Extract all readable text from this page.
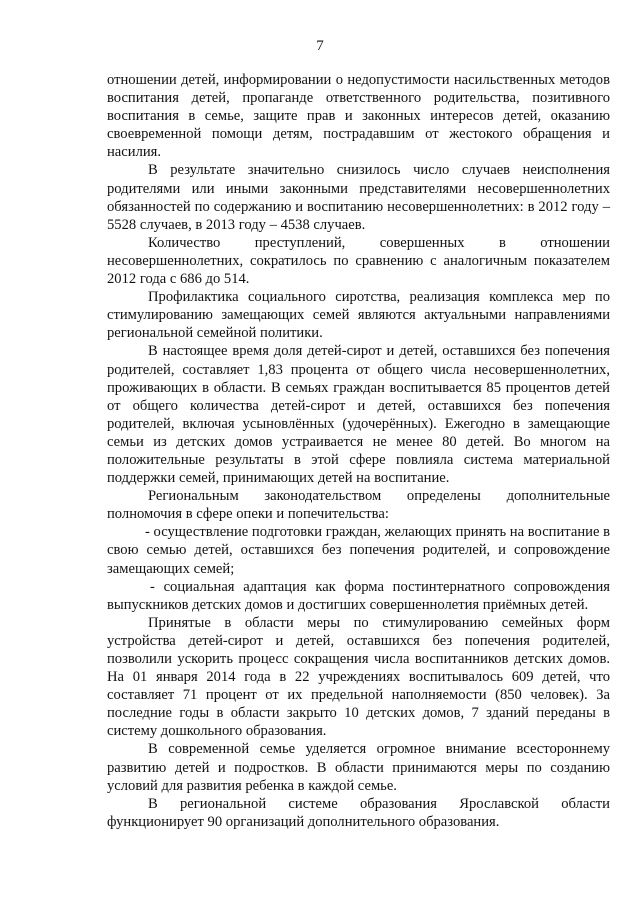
7

отношении детей, информировании о недопустимости насильственных методов воспитания детей, пропаганде ответственного родительства, позитивного воспитания в семье, защите прав и законных интересов детей, оказанию своевременной помощи детям, пострадавшим от жестокого обращения и насилия.

В результате значительно снизилось число случаев неисполнения родителями или иными законными представителями несовершеннолетних обязанностей по содержанию и воспитанию несовершеннолетних: в 2012 году – 5528 случаев, в 2013 году – 4538 случаев.

Количество преступлений, совершенных в отношении несовершеннолетних, сократилось по сравнению с аналогичным показателем 2012 года с 686 до 514.

Профилактика социального сиротства, реализация комплекса мер по стимулированию замещающих семей являются актуальными направлениями региональной семейной политики.

В настоящее время доля детей-сирот и детей, оставшихся без попечения родителей, составляет 1,83 процента от общего числа несовершеннолетних, проживающих в области. В семьях граждан воспитывается 85 процентов детей от общего количества детей-сирот и детей, оставшихся без попечения родителей, включая усыновлённых (удочерённых). Ежегодно в замещающие семьи из детских домов устраивается не менее 80 детей. Во многом на положительные результаты в этой сфере повлияла система материальной поддержки семей, принимающих детей на воспитание.

Региональным законодательством определены дополнительные полномочия в сфере опеки и попечительства:

- осуществление подготовки граждан, желающих принять на воспитание в свою семью детей, оставшихся без попечения родителей, и сопровождение замещающих семей;

- социальная адаптация как форма постинтернатного сопровождения выпускников детских домов и достигших совершеннолетия приёмных детей.

Принятые в области меры по стимулированию семейных форм устройства детей-сирот и детей, оставшихся без попечения родителей, позволили ускорить процесс сокращения числа воспитанников детских домов. На 01 января 2014 года в 22 учреждениях воспитывалось 609 детей, что составляет 71 процент от их предельной наполняемости (850 человек). За последние годы в области закрыто 10 детских домов, 7 зданий переданы в систему дошкольного образования.

В современной семье уделяется огромное внимание всестороннему развитию детей и подростков. В области принимаются меры по созданию условий для развития ребенка в каждой семье.

В региональной системе образования Ярославской области функционирует 90 организаций дополнительного образования.
